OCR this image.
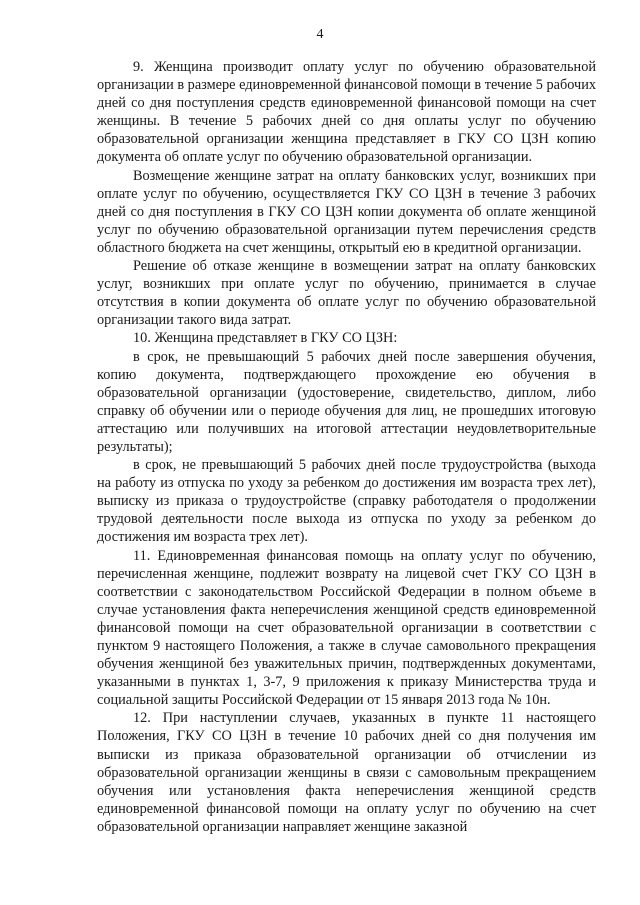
4

9. Женщина производит оплату услуг по обучению образовательной организации в размере единовременной финансовой помощи в течение 5 рабочих дней со дня поступления средств единовременной финансовой помощи на счет женщины. В течение 5 рабочих дней со дня оплаты услуг по обучению образовательной организации женщина представляет в ГКУ СО ЦЗН копию документа об оплате услуг по обучению образовательной организации.

Возмещение женщине затрат на оплату банковских услуг, возникших при оплате услуг по обучению, осуществляется ГКУ СО ЦЗН в течение 3 рабочих дней со дня поступления в ГКУ СО ЦЗН копии документа об оплате женщиной услуг по обучению образовательной организации путем перечисления средств областного бюджета на счет женщины, открытый ею в кредитной организации.

Решение об отказе женщине в возмещении затрат на оплату банковских услуг, возникших при оплате услуг по обучению, принимается в случае отсутствия в копии документа об оплате услуг по обучению образовательной организации такого вида затрат.

10. Женщина представляет в ГКУ СО ЦЗН:

в срок, не превышающий 5 рабочих дней после завершения обучения, копию документа, подтверждающего прохождение ею обучения в образовательной организации (удостоверение, свидетельство, диплом, либо справку об обучении или о периоде обучения для лиц, не прошедших итоговую аттестацию или получивших на итоговой аттестации неудовлетворительные результаты);

в срок, не превышающий 5 рабочих дней после трудоустройства (выхода на работу из отпуска по уходу за ребенком до достижения им возраста трех лет), выписку из приказа о трудоустройстве (справку работодателя о продолжении трудовой деятельности после выхода из отпуска по уходу за ребенком до достижения им возраста трех лет).

11. Единовременная финансовая помощь на оплату услуг по обучению, перечисленная женщине, подлежит возврату на лицевой счет ГКУ СО ЦЗН в соответствии с законодательством Российской Федерации в полном объеме в случае установления факта неперечисления женщиной средств единовременной финансовой помощи на счет образовательной организации в соответствии с пунктом 9 настоящего Положения, а также в случае самовольного прекращения обучения женщиной без уважительных причин, подтвержденных документами, указанными в пунктах 1, 3-7, 9 приложения к приказу Министерства труда и социальной защиты Российской Федерации от 15 января 2013 года № 10н.

12. При наступлении случаев, указанных в пункте 11 настоящего Положения, ГКУ СО ЦЗН в течение 10 рабочих дней со дня получения им выписки из приказа образовательной организации об отчислении из образовательной организации женщины в связи с самовольным прекращением обучения или установления факта неперечисления женщиной средств единовременной финансовой помощи на оплату услуг по обучению на счет образовательной организации направляет женщине заказной
